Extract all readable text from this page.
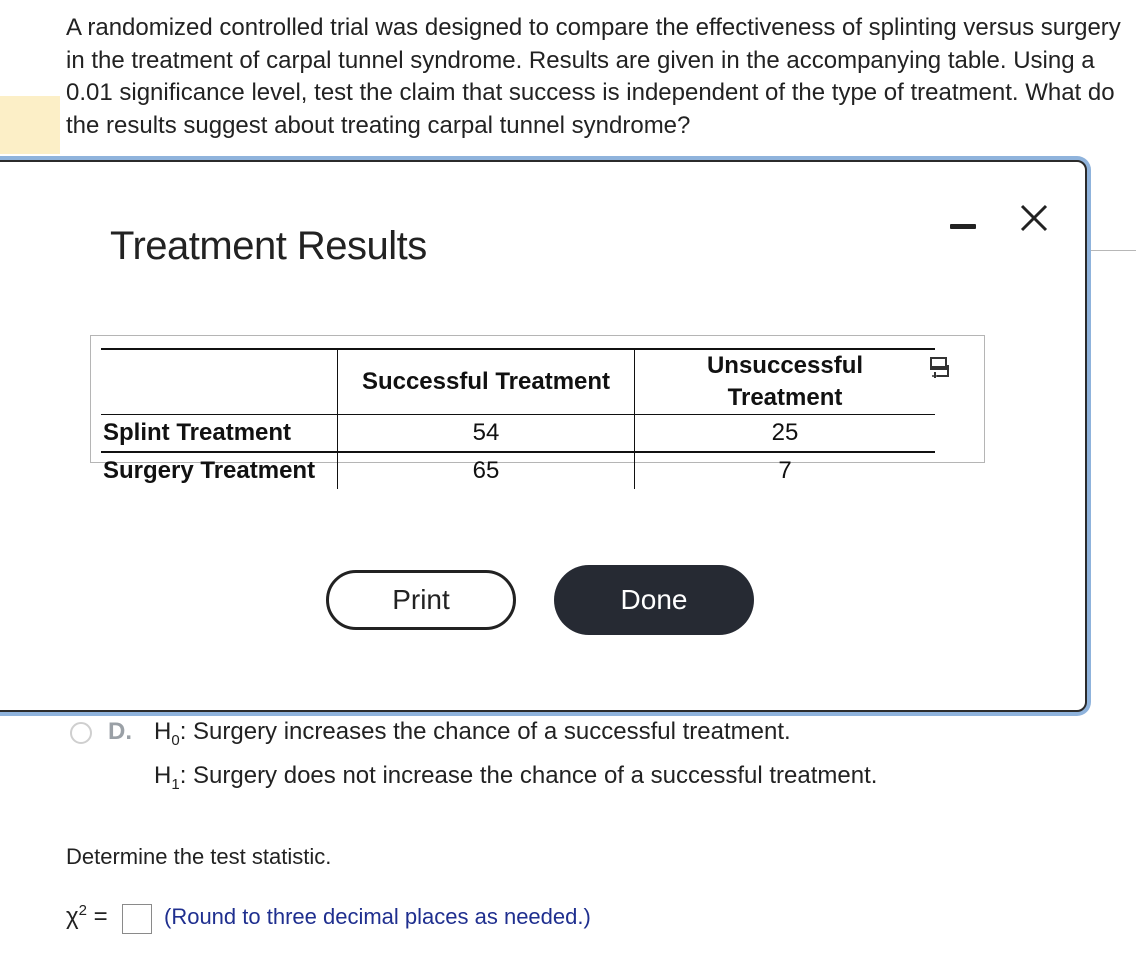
A randomized controlled trial was designed to compare the effectiveness of splinting versus surgery in the treatment of carpal tunnel syndrome. Results are given in the accompanying table. Using a 0.01 significance level, test the claim that success is independent of the type of treatment. What do the results suggest about treating carpal tunnel syndrome?
Treatment Results
	Successful Treatment	Unsuccessful Treatment
Splint Treatment	54	25
Surgery Treatment	65	7
Print	Done
D. $H_0$: Surgery increases the chance of a successful treatment.
$H_1$: Surgery does not increase the chance of a successful treatment.
Determine the test statistic.
$\chi^2$ =	(Round to three decimal places as needed.)
